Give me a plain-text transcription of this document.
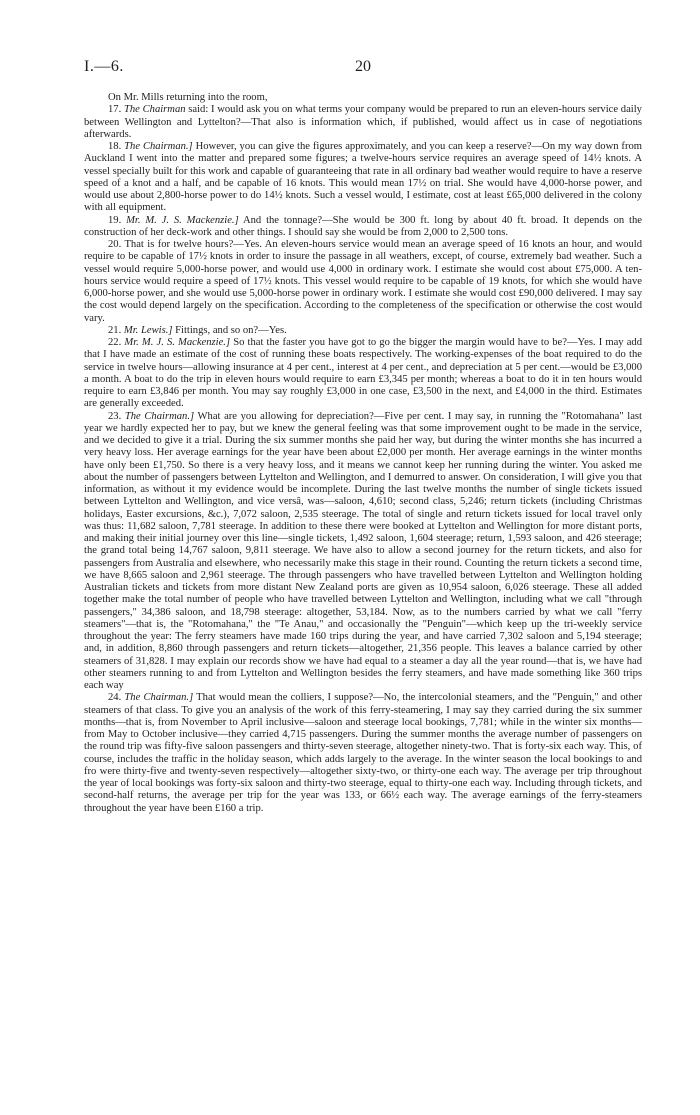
I.—6.	20

On Mr. Mills returning into the room,

17. The Chairman said: I would ask you on what terms your company would be prepared to run an eleven-hours service daily between Wellington and Lyttelton?—That also is information which, if published, would affect us in case of negotiations afterwards.

18. The Chairman.] However, you can give the figures approximately, and you can keep a reserve?—On my way down from Auckland I went into the matter and prepared some figures; a twelve-hours service requires an average speed of 14½ knots. A vessel specially built for this work and capable of guaranteeing that rate in all ordinary bad weather would require to have a reserve speed of a knot and a half, and be capable of 16 knots. This would mean 17½ on trial. She would have 4,000-horse power, and would use about 2,800-horse power to do 14½ knots. Such a vessel would, I estimate, cost at least £65,000 delivered in the colony with all equipment.

19. Mr. M. J. S. Mackenzie.] And the tonnage?—She would be 300 ft. long by about 40 ft. broad. It depends on the construction of her deck-work and other things. I should say she would be from 2,000 to 2,500 tons.

20. That is for twelve hours?—Yes. An eleven-hours service would mean an average speed of 16 knots an hour, and would require to be capable of 17½ knots in order to insure the passage in all weathers, except, of course, extremely bad weather. Such a vessel would require 5,000-horse power, and would use 4,000 in ordinary work. I estimate she would cost about £75,000. A ten-hours service would require a speed of 17½ knots. This vessel would require to be capable of 19 knots, for which she would have 6,000-horse power, and she would use 5,000-horse power in ordinary work. I estimate she would cost £90,000 delivered. I may say the cost would depend largely on the specification. According to the completeness of the specification or otherwise the cost would vary.

21. Mr. Lewis.] Fittings, and so on?—Yes.

22. Mr. M. J. S. Mackenzie.] So that the faster you have got to go the bigger the margin would have to be?—Yes. I may add that I have made an estimate of the cost of running these boats respectively. The working-expenses of the boat required to do the service in twelve hours—allowing insurance at 4 per cent., interest at 4 per cent., and depreciation at 5 per cent.—would be £3,000 a month. A boat to do the trip in eleven hours would require to earn £3,345 per month; whereas a boat to do it in ten hours would require to earn £3,846 per month. You may say roughly £3,000 in one case, £3,500 in the next, and £4,000 in the third. Estimates are generally exceeded.

23. The Chairman.] What are you allowing for depreciation?—Five per cent. I may say, in running the "Rotomahana" last year we hardly expected her to pay, but we knew the general feeling was that some improvement ought to be made in the service, and we decided to give it a trial. During the six summer months she paid her way, but during the winter months she has incurred a very heavy loss. Her average earnings for the year have been about £2,000 per month. Her average earnings in the winter months have only been £1,750. So there is a very heavy loss, and it means we cannot keep her running during the winter. You asked me about the number of passengers between Lyttelton and Wellington, and I demurred to answer. On consideration, I will give you that information, as without it my evidence would be incomplete. During the last twelve months the number of single tickets issued between Lyttelton and Wellington, and vice versâ, was—saloon, 4,610; second class, 5,246; return tickets (including Christmas holidays, Easter excursions, &c.), 7,072 saloon, 2,535 steerage. The total of single and return tickets issued for local travel only was thus: 11,682 saloon, 7,781 steerage. In addition to these there were booked at Lyttelton and Wellington for more distant ports, and making their initial journey over this line—single tickets, 1,492 saloon, 1,604 steerage; return, 1,593 saloon, and 426 steerage; the grand total being 14,767 saloon, 9,811 steerage. We have also to allow a second journey for the return tickets, and also for passengers from Australia and elsewhere, who necessarily make this stage in their round. Counting the return tickets a second time, we have 8,665 saloon and 2,961 steerage. The through passengers who have travelled between Lyttelton and Wellington holding Australian tickets and tickets from more distant New Zealand ports are given as 10,954 saloon, 6,026 steerage. These all added together make the total number of people who have travelled between Lyttelton and Wellington, including what we call "through passengers," 34,386 saloon, and 18,798 steerage: altogether, 53,184. Now, as to the numbers carried by what we call "ferry steamers"—that is, the "Rotomahana," the "Te Anau," and occasionally the "Penguin"—which keep up the tri-weekly service throughout the year: The ferry steamers have made 160 trips during the year, and have carried 7,302 saloon and 5,194 steerage; and, in addition, 8,860 through passengers and return tickets—altogether, 21,356 people. This leaves a balance carried by other steamers of 31,828. I may explain our records show we have had equal to a steamer a day all the year round—that is, we have had other steamers running to and from Lyttelton and Wellington besides the ferry steamers, and have made something like 360 trips each way

24. The Chairman.] That would mean the colliers, I suppose?—No, the intercolonial steamers, and the "Penguin," and other steamers of that class. To give you an analysis of the work of this ferry-steamering, I may say they carried during the six summer months—that is, from November to April inclusive—saloon and steerage local bookings, 7,781; while in the winter six months—from May to October inclusive—they carried 4,715 passengers. During the summer months the average number of passengers on the round trip was fifty-five saloon passengers and thirty-seven steerage, altogether ninety-two. That is forty-six each way. This, of course, includes the traffic in the holiday season, which adds largely to the average. In the winter season the local bookings to and fro were thirty-five and twenty-seven respectively—altogether sixty-two, or thirty-one each way. The average per trip throughout the year of local bookings was forty-six saloon and thirty-two steerage, equal to thirty-one each way. Including through tickets, and second-half returns, the average per trip for the year was 133, or 66½ each way. The average earnings of the ferry-steamers throughout the year have been £160 a trip.
